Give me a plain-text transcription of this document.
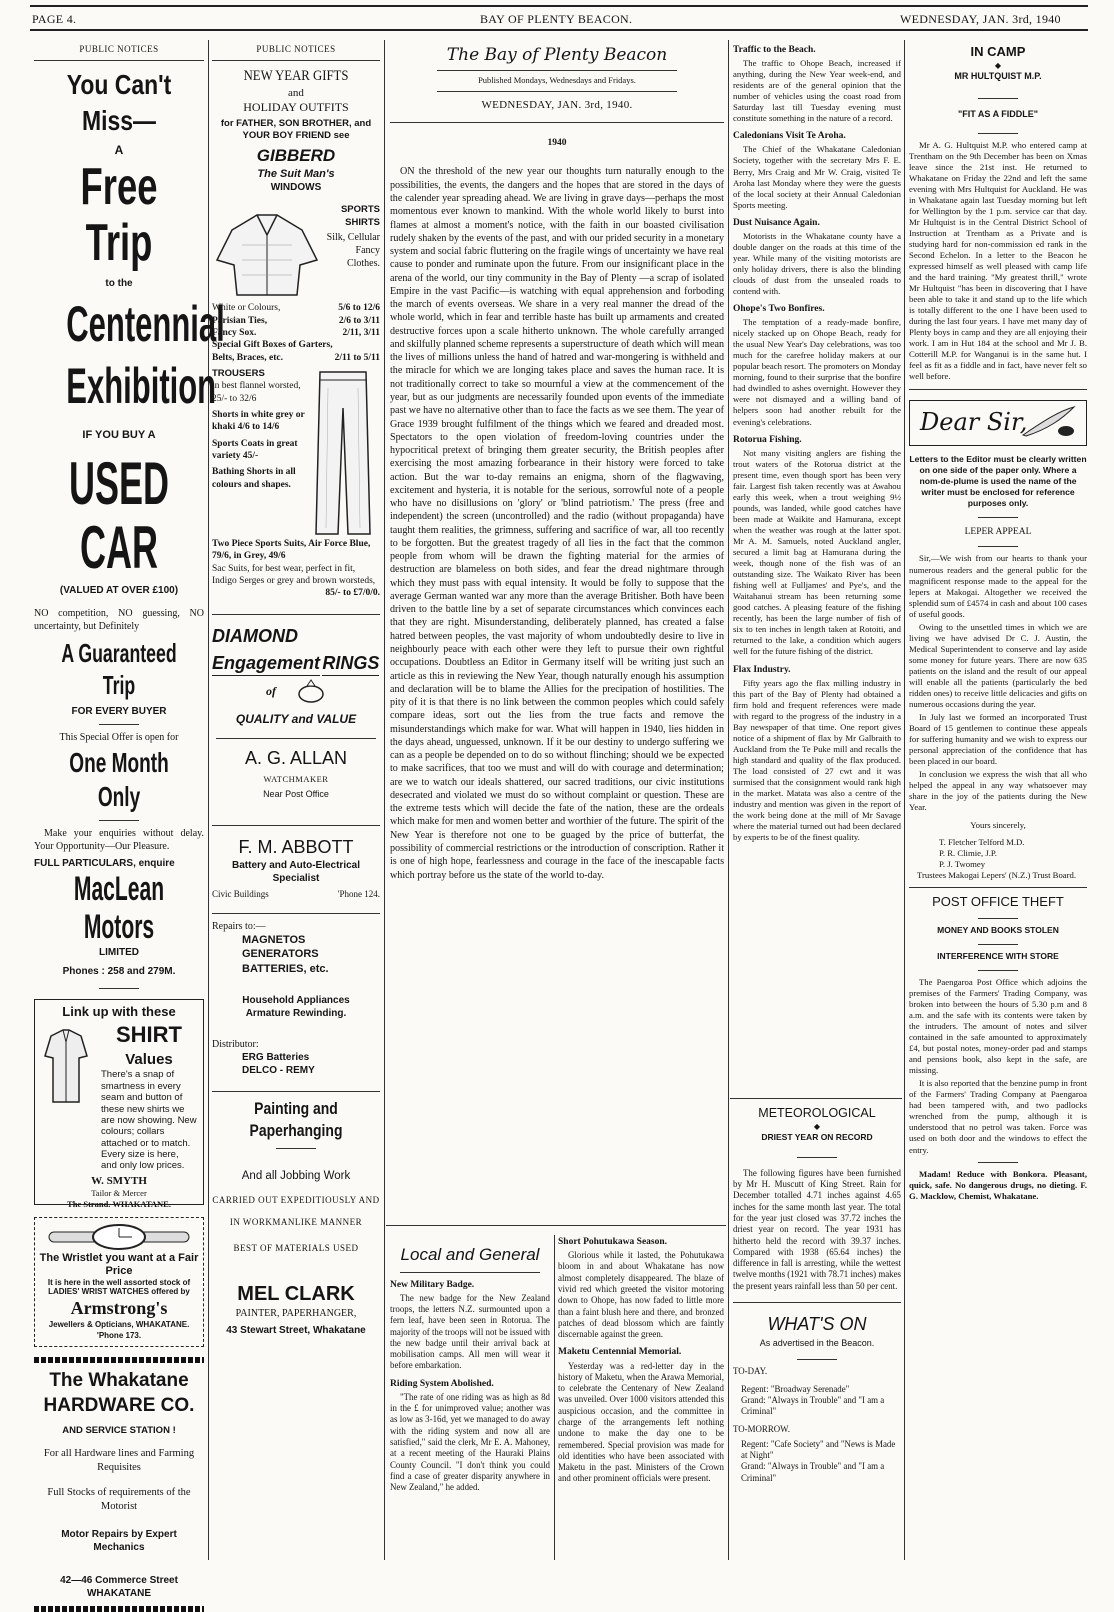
PAGE 4.	BAY OF PLENTY BEACON.	WEDNESDAY, JAN. 3rd, 1940
PUBLIC NOTICES
You Can't Miss—
A
Free Trip
to the
Centennial
Exhibition
IF YOU BUY A
USED CAR
(VALUED AT OVER £100)

NO competition, NO guessing, NO uncertainty, but Definitely

A Guaranteed Trip
FOR EVERY BUYER

This Special Offer is open for

One Month Only

Make your enquiries without delay. Your Opportunity—Our Pleasure.

FULL PARTICULARS, enquire
MacLean Motors
LIMITED
Phones : 258 and 279M.
Link up with these
SHIRT
Values
There's a snap of smartness in every seam and button of these new shirts we are now showing. New colours; collars attached or to match. Every size is here, and only low prices.
W. SMYTH
Tailor & Mercer
The Strand. WHAKATANE.
The Wristlet you want at a Fair Price
It is here in the well assorted stock of LADIES' WRIST WATCHES offered by
Armstrong's
Jewellers & Opticians, WHAKATANE. 'Phone 173.
The Whakatane
HARDWARE CO.
AND SERVICE STATION !
For all Hardware lines and Farming Requisites
Full Stocks of requirements of the Motorist
Motor Repairs by Expert Mechanics
42—46 Commerce Street
WHAKATANE
PUBLIC NOTICES
NEW YEAR GIFTS
and
HOLIDAY OUTFITS
for FATHER, SON BROTHER, and YOUR BOY FRIEND see
GIBBERD
The Suit Man's
WINDOWS
SPORTS SHIRTS
Silk, Cellular Fancy Clothes.
White or Colours,	5/6 to 12/6
Parisian Ties,	2/6 to 3/11
Fancy Sox.	2/11, 3/11
Special Gift Boxes of Garters,
Belts, Braces, etc.	2/11 to 5/11
TROUSERS
in best flannel worsted, 25/- to 32/6
Shorts in white grey or khaki 4/6 to 14/6
Sports Coats in great variety 45/-
Bathing Shorts in all colours and shapes.
Two Piece Sports Suits, Air Force Blue, 79/6, in Grey, 49/6
Sac Suits, for best wear, perfect in fit, Indigo Serges or grey and brown worsteds,
85/- to £7/0/0.
DIAMOND
Engagement RINGS
of
QUALITY and VALUE
A. G. ALLAN
WATCHMAKER
Near Post Office
F. M. ABBOTT
Battery and Auto-Electrical Specialist
Civic Buildings	'Phone 124.
Repairs to:—
MAGNETOS
GENERATORS
BATTERIES, etc.
Household Appliances
Armature Rewinding.
Distributor:
ERG Batteries
DELCO - REMY
Painting and Paperhanging
And all Jobbing Work
CARRIED OUT EXPEDITIOUSLY AND IN WORKMANLIKE MANNER
BEST OF MATERIALS USED
MEL CLARK
PAINTER, PAPERHANGER,
43 Stewart Street, Whakatane
The Bay of Plenty Beacon
Published Mondays, Wednesdays and Fridays.
WEDNESDAY, JAN. 3rd, 1940.
1940

ON the threshold of the new year our thoughts turn naturally enough to the possibilities, the events, the dangers and the hopes that are stored in the days of the calender year spreading ahead. We are living in grave days—perhaps the most momentous ever known to mankind. With the whole world likely to burst into flames at almost a moment's notice, with the faith in our boasted civilisation rudely shaken by the events of the past, and with our prided security in a monetary system and social fabric fluttering on the fragile wings of uncertainty we have real cause to ponder and ruminate upon the future. From our insignificant place in the arena of the world, our tiny community in the Bay of Plenty —a scrap of isolated Empire in the vast Pacific—is watching with equal apprehension and forboding the march of events overseas. We share in a very real manner the dread of the whole world, which in fear and terrible haste has built up armaments and created destructive forces upon a scale hitherto unknown. The whole carefully arranged and skilfully planned scheme represents a superstructure of death which will mean the lives of millions unless the hand of hatred and war-mongering is withheld and the miracle for which we are longing takes place and saves the human race. It is not traditionally correct to take so mournful a view at the commencement of the year, but as our judgments are necessarily founded upon events of the immediate past we have no alternative other than to face the facts as we see them. The year of Grace 1939 brought fulfilment of the things which we feared and dreaded most. Spectators to the open violation of freedom-loving countries under the hypocritical pretext of bringing them greater security, the British peoples after exercising the most amazing forbearance in their history were forced to take action. But the war to-day remains an enigma, shorn of the flagwaving, excitement and hysteria, it is notable for the serious, sorrowful note of a people who have no disillusions on 'glory' or 'blind patriotism.' The press (free and independent) the screen (uncontrolled) and the radio (without propaganda) have taught them realities, the grimness, suffering and sacrifice of war, all too recently to be forgotten. But the greatest tragedy of all lies in the fact that the common people from whom will be drawn the fighting material for the armies of destruction are blameless on both sides, and fear the dread nightmare through which they must pass with equal intensity. It would be folly to suppose that the average German wanted war any more than the average Britisher. Both have been driven to the battle line by a set of separate circumstances which convinces each that they are right. Misunderstanding, deliberately planned, has created a false hatred between peoples, the vast majority of whom undoubtedly desire to live in neighbourly peace with each other were they left to pursue their own rightful occupations. Doubtless an Editor in Germany itself will be writing just such an article as this in reviewing the New Year, though naturally enough his assumption and declaration will be to blame the Allies for the precipation of hostilities. The pity of it is that there is no link between the common peoples which could safely compare ideas, sort out the lies from the true facts and remove the misunderstandings which make for war. What will happen in 1940, lies hidden in the days ahead, unguessed, unknown. If it be our destiny to undergo suffering we can as a people be depended on to do so without flinching; should we be expected to make sacrifices, that too we must and will do with courage and determination; are we to watch our ideals shattered, our sacred traditions, our civic institutions desecrated and violated we must do so without complaint or question. These are the extreme tests which will decide the fate of the nation, these are the ordeals which make for men and women better and worthier of the future. The spirit of the New Year is therefore not one to be guaged by the price of butterfat, the possibility of commercial restrictions or the introduction of conscription. Rather it is one of high hope, fearlessness and courage in the face of the inescapable facts which portray before us the state of the world to-day.

Local and General
New Military Badge.

The new badge for the New Zealand troops, the letters N.Z. surmounted upon a fern leaf, have been seen in Rotorua. The majority of the troops will not be issued with the new badge until their arrival back at mobilisation camps. All men will wear it before embarkation.

Riding System Abolished.

"The rate of one riding was as high as 8d in the £ for unimproved value; another was as low as 3-16d, yet we managed to do away with the riding system and now all are satisfied," said the clerk, Mr E. A. Mahoney, at a recent meeting of the Hauraki Plains County Council. "I don't think you could find a case of greater disparity anywhere in New Zealand," he added.

Short Pohutukawa Season.

Glorious while it lasted, the Pohutukawa bloom in and about Whakatane has now almost completely disappeared. The blaze of vivid red which greeted the visitor motoring down to Ohope, has now faded to little more than a faint blush here and there, and bronzed patches of dead blossom which are faintly discernable against the green.

Maketu Centennial Memorial.

Yesterday was a red-letter day in the history of Maketu, when the Arawa Memorial, to celebrate the Centenary of New Zealand was unveiled. Over 1000 visitors attended this auspicious occasion, and the committee in charge of the arrangements left nothing undone to make the day one to be remembered. Special provision was made for old identities who have been associated with Maketu in the past. Ministers of the Crown and other prominent officials were present.

Traffic to the Beach.

The traffic to Ohope Beach, increased if anything, during the New Year week-end, and residents are of the general opinion that the number of vehicles using the coast road from Saturday last till Tuesday evening must constitute something in the nature of a record.

Caledonians Visit Te Aroha.

The Chief of the Whakatane Caledonian Society, together with the secretary Mrs F. E. Berry, Mrs Craig and Mr W. Craig, visited Te Aroha last Monday where they were the guests of the local society at their Annual Caledonian Sports meeting.

Dust Nuisance Again.

Motorists in the Whakatane county have a double danger on the roads at this time of the year. While many of the visiting motorists are only holiday drivers, there is also the blinding clouds of dust from the unsealed roads to contend with.

Ohope's Two Bonfires.

The temptation of a ready-made bonfire, nicely stacked up on Ohope Beach, ready for the usual New Year's Day celebrations, was too much for the carefree holiday makers at our popular beach resort. The promoters on Monday morning, found to their surprise that the bonfire had dwindled to ashes overnight. However they were not dismayed and a willing band of helpers soon had another rebuilt for the evening's celebrations.

Rotorua Fishing.

Not many visiting anglers are fishing the trout waters of the Rotorua district at the present time, even though sport has been very fair. Largest fish taken recently was at Awahou early this week, when a trout weighing 9½ pounds, was landed, while good catches have been made at Waikite and Hamurana, except when the weather was rough at the latter spot. Mr A. M. Samuels, noted Auckland angler, secured a limit bag at Hamurana during the week, though none of the fish was of an outstanding size. The Waikato River has been fishing well at Fulljames' and Pye's, and the Waitahanui stream has been returning some good catches. A pleasing feature of the fishing recently, has been the large number of fish of six to ten inches in length taken at Rotoiti, and returned to the lake, a condition which augers well for the future fishing of the district.

Flax Industry.

Fifty years ago the flax milling industry in this part of the Bay of Plenty had obtained a firm hold and frequent references were made with regard to the progress of the industry in a Bay newspaper of that time. One report gives notice of a shipment of flax by Mr Galbraith to Auckland from the Te Puke mill and recalls the high standard and quality of the flax produced. The load consisted of 27 cwt and it was surmised that the consignment would rank high in the market. Matata was also a centre of the industry and mention was given in the report of the work being done at the mill of Mr Savage where the material turned out had been declared by experts to be of the finest quality.

METEOROLOGICAL
◆
DRIEST YEAR ON RECORD

The following figures have been furnished by Mr H. Muscutt of King Street. Rain for December totalled 4.71 inches against 4.65 inches for the same month last year. The total for the year just closed was 37.72 inches the driest year on record. The year 1931 has hitherto held the record with 39.37 inches. Compared with 1938 (65.64 inches) the difference in fall is arresting, while the wettest twelve months (1921 with 78.71 inches) makes the present years rainfall less than 50 per cent.

WHAT'S ON
As advertised in the Beacon.
TO-DAY.
Regent: "Broadway Serenade"
Grand: "Always in Trouble" and "I am a Criminal"
TO-MORROW.
Regent: "Cafe Society" and "News is Made at Night"
Grand: "Always in Trouble" and "I am a Criminal"
IN CAMP
◆
MR HULTQUIST M.P.
"FIT AS A FIDDLE"

Mr A. G. Hultquist M.P. who entered camp at Trentham on the 9th December has been on Xmas leave since the 21st inst. He returned to Whakatane on Friday the 22nd and left the same evening with Mrs Hultquist for Auckland. He was in Whakatane again last Tuesday morning but left for Wellington by the 1 p.m. service car that day. Mr Hultquist is in the Central District School of Instruction at Trentham as a Private and is studying hard for non-commission ed rank in the Second Echelon. In a letter to the Beacon he expressed himself as well pleased with camp life and the hard training. "My greatest thrill," wrote Mr Hultquist "has been in discovering that I have been able to take it and stand up to the life which is totally different to the one I have been used to during the last four years. I have met many day of Plenty boys in camp and they are all enjoying their work. I am in Hut 184 at the school and Mr J. B. Cotterill M.P. for Wanganui is in the same hut. I feel as fit as a fiddle and in fact, have never felt so well before.

Dear Sir,

Letters to the Editor must be clearly written on one side of the paper only. Where a nom-de-plume is used the name of the writer must be enclosed for reference purposes only.

LEPER APPEAL

Sir,—We wish from our hearts to thank your numerous readers and the general public for the magnificent response made to the appeal for the lepers at Makogai. Altogether we received the splendid sum of £4574 in cash and about 100 cases of useful goods.

Owing to the unsettled times in which we are living we have advised Dr C. J. Austin, the Medical Superintendent to conserve and lay aside some money for future years. There are now 635 patients on the island and the result of our appeal will enable all the patients (particularly the bed ridden ones) to receive little delicacies and gifts on numerous occasions during the year.

In July last we formed an incorporated Trust Board of 15 gentlemen to continue these appeals for suffering humanity and we wish to express our personal appreciation of the confidence that has been placed in our board.

In conclusion we express the wish that all who helped the appeal in any way whatsoever may share in the joy of the patients during the New Year.

Yours sincerely,
T. Fletcher Telford M.D.
P. R. Climie, J.P.
P. J. Twomey
Trustees Makogai Lepers' (N.Z.) Trust Board.
POST OFFICE THEFT
MONEY AND BOOKS STOLEN
INTERFERENCE WITH STORE

The Paengaroa Post Office which adjoins the premises of the Farmers' Trading Company, was broken into between the hours of 5.30 p.m and 8 a.m. and the safe with its contents were taken by the intruders. The amount of notes and silver contained in the safe amounted to approximately £4, but postal notes, money-order pad and stamps and pensions book, also kept in the safe, are missing.

It is also reported that the benzine pump in front of the Farmers' Trading Company at Paengaroa had been tampered with, and two padlocks wrenched from the pump, although it is understood that no petrol was taken. Force was used on both door and the windows to effect the entry.

Madam! Reduce with Bonkora. Pleasant, quick, safe. No dangerous drugs, no dieting. F. G. Macklow, Chemist, Whakatane.
